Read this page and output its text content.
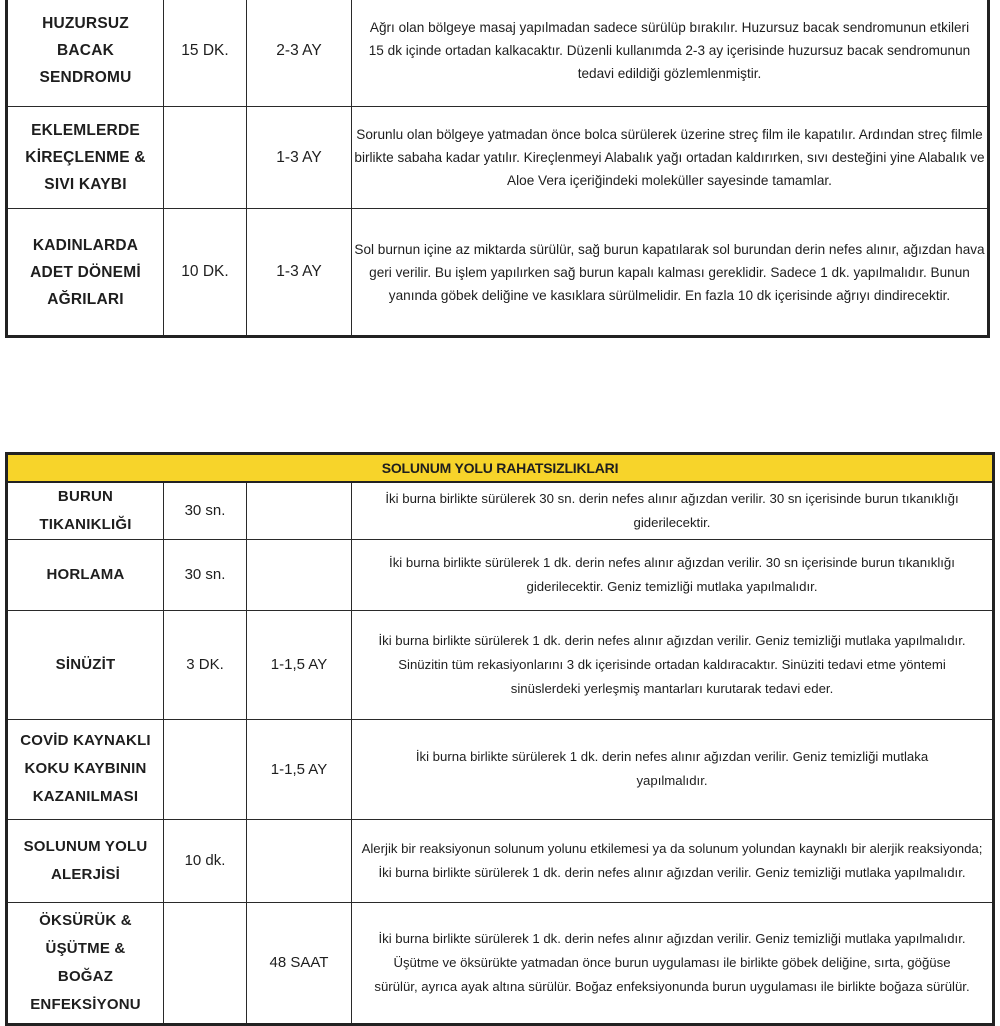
HUZURSUZ BACAK SENDROMU	15 DK.	2-3 AY	Ağrı olan bölgeye masaj yapılmadan sadece sürülüp bırakılır. Huzursuz bacak sendromunun etkileri 15 dk içinde ortadan kalkacaktır. Düzenli kullanımda 2-3 ay içerisinde huzursuz bacak sendromunun tedavi edildiği gözlemlenmiştir.
EKLEMLERDE KİREÇLENME & SIVI KAYBI		1-3 AY	Sorunlu olan bölgeye yatmadan önce bolca sürülerek üzerine streç film ile kapatılır. Ardından streç filmle birlikte sabaha kadar yatılır. Kireçlenmeyi Alabalık yağı ortadan kaldırırken, sıvı desteğini yine Alabalık ve Aloe Vera içeriğindeki moleküller sayesinde tamamlar.
KADINLARDA ADET DÖNEMİ AĞRILARI	10 DK.	1-3 AY	Sol burnun içine az miktarda sürülür, sağ burun kapatılarak sol burundan derin nefes alınır, ağızdan hava geri verilir. Bu işlem yapılırken sağ burun kapalı kalması gereklidir. Sadece 1 dk. yapılmalıdır. Bunun yanında göbek deliğine ve kasıklara sürülmelidir. En fazla 10 dk içerisinde ağrıyı dindirecektir.
SOLUNUM YOLU RAHATSIZLIKLARI			
BURUN TIKANIKLIĞI	30 sn.		İki burna birlikte sürülerek 30 sn. derin nefes alınır ağızdan verilir. 30 sn içerisinde burun tıkanıklığı giderilecektir.
HORLAMA	30 sn.		İki burna birlikte sürülerek 1 dk. derin nefes alınır ağızdan verilir. 30 sn içerisinde burun tıkanıklığı giderilecektir. Geniz temizliği mutlaka yapılmalıdır.
SİNÜZİT	3 DK.	1-1,5 AY	İki burna birlikte sürülerek 1 dk. derin nefes alınır ağızdan verilir. Geniz temizliği mutlaka yapılmalıdır. Sinüzitin tüm rekasiyonlarını 3 dk içerisinde ortadan kaldıracaktır. Sinüziti tedavi etme yöntemi sinüslerdeki yerleşmiş mantarları kurutarak tedavi eder.
COVİD KAYNAKLI KOKU KAYBININ KAZANILMASI		1-1,5 AY	İki burna birlikte sürülerek 1 dk. derin nefes alınır ağızdan verilir. Geniz temizliği mutlaka yapılmalıdır.
SOLUNUM YOLU ALERJİSİ	10 dk.		Alerjik bir reaksiyonun solunum yolunu etkilemesi ya da solunum yolundan kaynaklı bir alerjik reaksiyonda; İki burna birlikte sürülerek 1 dk. derin nefes alınır ağızdan verilir. Geniz temizliği mutlaka yapılmalıdır.
ÖKSÜRÜK & ÜŞÜTME & BOĞAZ ENFEKSİYONU		48 SAAT	İki burna birlikte sürülerek 1 dk. derin nefes alınır ağızdan verilir. Geniz temizliği mutlaka yapılmalıdır. Üşütme ve öksürükte yatmadan önce burun uygulaması ile birlikte göbek deliğine, sırta, göğüse sürülür, ayrıca ayak altına sürülür. Boğaz enfeksiyonunda burun uygulaması ile birlikte boğaza sürülür.
